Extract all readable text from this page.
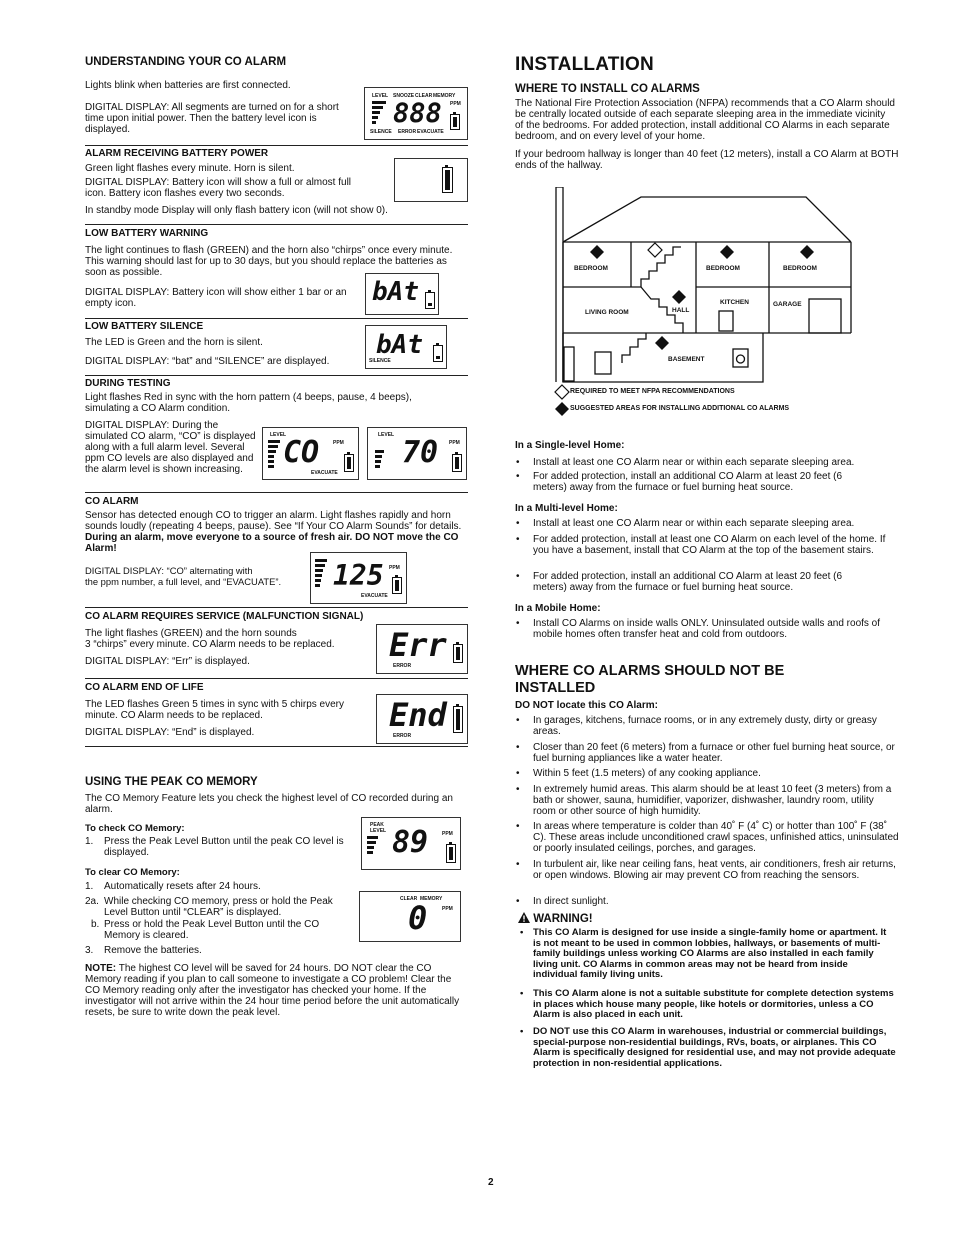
UNDERSTANDING YOUR CO ALARM
Lights blink when batteries are first connected.
DIGITAL DISPLAY: All segments are turned on for a short time upon initial power. Then the battery level icon is displayed.
LEVEL SNOOZE CLEAR MEMORY
888 PPM
SILENCE ERROR EVACUATE
ALARM RECEIVING BATTERY POWER
Green light flashes every minute. Horn is silent.
DIGITAL DISPLAY: Battery icon will show a full or almost full icon. Battery icon flashes every two seconds.
In standby mode Display will only flash battery icon (will not show 0).
LOW BATTERY WARNING
The light continues to flash (GREEN) and the horn also “chirps” once every minute. This warning should last for up to 30 days, but you should replace the batteries as soon as possible.
DIGITAL DISPLAY: Battery icon will show either 1 bar or an empty icon.	bAt
LOW BATTERY SILENCE
The LED is Green and the horn is silent.
DIGITAL DISPLAY: “bat” and “SILENCE” are displayed.
bAt
SILENCE
DURING TESTING
Light flashes Red in sync with the horn pattern (4 beeps, pause, 4 beeps), simulating a CO Alarm condition.
DIGITAL DISPLAY: During the simulated CO alarm, “CO” is displayed along with a full alarm level. Several ppm CO levels are also displayed and the alarm level is shown increasing.
LEVEL
CO	PPM
EVACUATE
LEVEL 70 PPM
CO ALARM
Sensor has detected enough CO to trigger an alarm. Light flashes rapidly and horn sounds loudly (repeating 4 beeps, pause). See “If Your CO Alarm Sounds” for details. During an alarm, move everyone to a source of fresh air. DO NOT move the CO Alarm!
DIGITAL DISPLAY: “CO” alternating with
the ppm number, a full level, and “EVACUATE”.	125 PPM
EVACUATE
CO ALARM REQUIRES SERVICE (MALFUNCTION SIGNAL)
The light flashes (GREEN) and the horn sounds
3 “chirps” every minute. CO Alarm needs to be replaced.
DIGITAL DISPLAY: “Err” is displayed.	Err
ERROR
CO ALARM END OF LIFE
The LED flashes Green 5 times in sync with 5 chirps every minute. CO Alarm needs to be replaced.
DIGITAL DISPLAY: “End” is displayed.	End
ERROR
USING THE PEAK CO MEMORY
The CO Memory Feature lets you check the highest level of CO recorded during an alarm.
To check CO Memory:
1. Press the Peak Level Button until the peak CO level is displayed.
PEAK
LEVEL 89	PPM
To clear CO Memory:
1. Automatically resets after 24 hours.
2a. While checking CO memory, press or hold the Peak Level Button until “CLEAR” is displayed.
b. Press or hold the Peak Level Button until the CO Memory is cleared.
3. Remove the batteries.
CLEAR MEMORY
0	PPM
NOTE: The highest CO level will be saved for 24 hours. DO NOT clear the CO Memory reading if you plan to call someone to investigate a CO problem! Clear the CO Memory reading only after the investigator has checked your home. If the investigator will not arrive within the 24 hour time period before the unit automatically resets, be sure to write down the peak level.
INSTALLATION
WHERE TO INSTALL CO ALARMS
The National Fire Protection Association (NFPA) recommends that a CO Alarm should be centrally located outside of each separate sleeping area in the immediate vicinity of the bedrooms. For added protection, install additional CO Alarms in each separate bedroom, and on every level of your home.
If your bedroom hallway is longer than 40 feet (12 meters), install a CO Alarm at BOTH ends of the hallway.
BEDROOM	BEDROOM	BEDROOM
LIVING ROOM	HALL
KITCHEN	GARAGE
BASEMENT
REQUIRED TO MEET NFPA RECOMMENDATIONS
SUGGESTED AREAS FOR INSTALLING ADDITIONAL CO ALARMS
In a Single-level Home:
• Install at least one CO Alarm near or within each separate sleeping area.
• For added protection, install an additional CO Alarm at least 20 feet (6 meters) away from the furnace or fuel burning heat source.
In a Multi-level Home:
• Install at least one CO Alarm near or within each separate sleeping area.
• For added protection, install at least one CO Alarm on each level of the home. If you have a basement, install that CO Alarm at the top of the basement stairs.
• For added protection, install an additional CO Alarm at least 20 feet (6 meters) away from the furnace or fuel burning heat source.
In a Mobile Home:
• Install CO Alarms on inside walls ONLY. Uninsulated outside walls and roofs of mobile homes often transfer heat and cold from outdoors.
WHERE CO ALARMS SHOULD NOT BE INSTALLED
DO NOT locate this CO Alarm:
• In garages, kitchens, furnace rooms, or in any extremely dusty, dirty or greasy areas.
• Closer than 20 feet (6 meters) from a furnace or other fuel burning heat source, or fuel burning appliances like a water heater.
• Within 5 feet (1.5 meters) of any cooking appliance.
• In extremely humid areas. This alarm should be at least 10 feet (3 meters) from a bath or shower, sauna, humidifier, vaporizer, dishwasher, laundry room, utility room or other source of high humidity.
• In areas where temperature is colder than 40˚ F (4˚ C) or hotter than 100˚ F (38˚ C). These areas include unconditioned crawl spaces, unfinished attics, uninsulated or poorly insulated ceilings, porches, and garages.
• In turbulent air, like near ceiling fans, heat vents, air conditioners, fresh air returns, or open windows. Blowing air may prevent CO from reaching the sensors.
• In direct sunlight.
WARNING!
• This CO Alarm is designed for use inside a single-family home or apartment. It is not meant to be used in common lobbies, hallways, or basements of multi-family buildings unless working CO Alarms are also installed in each family living unit. CO Alarms in common areas may not be heard from inside individual family living units.
• This CO Alarm alone is not a suitable substitute for complete detection systems in places which house many people, like hotels or dormitories, unless a CO Alarm is also placed in each unit.
• DO NOT use this CO Alarm in warehouses, industrial or commercial buildings, special-purpose non-residential buildings, RVs, boats, or airplanes. This CO Alarm is specifically designed for residential use, and may not provide adequate protection in non-residential applications.
2
